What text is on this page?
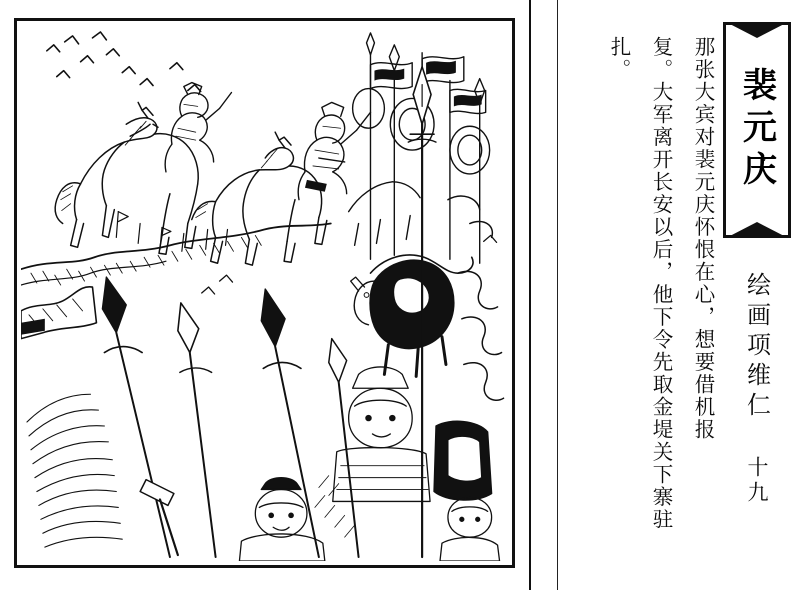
裴元庆
绘画项维仁
十九
那张大宾对裴元庆怀恨在心，想要借机报
复。大军离开长安以后，他下令先取金堤关下寨驻
扎。
